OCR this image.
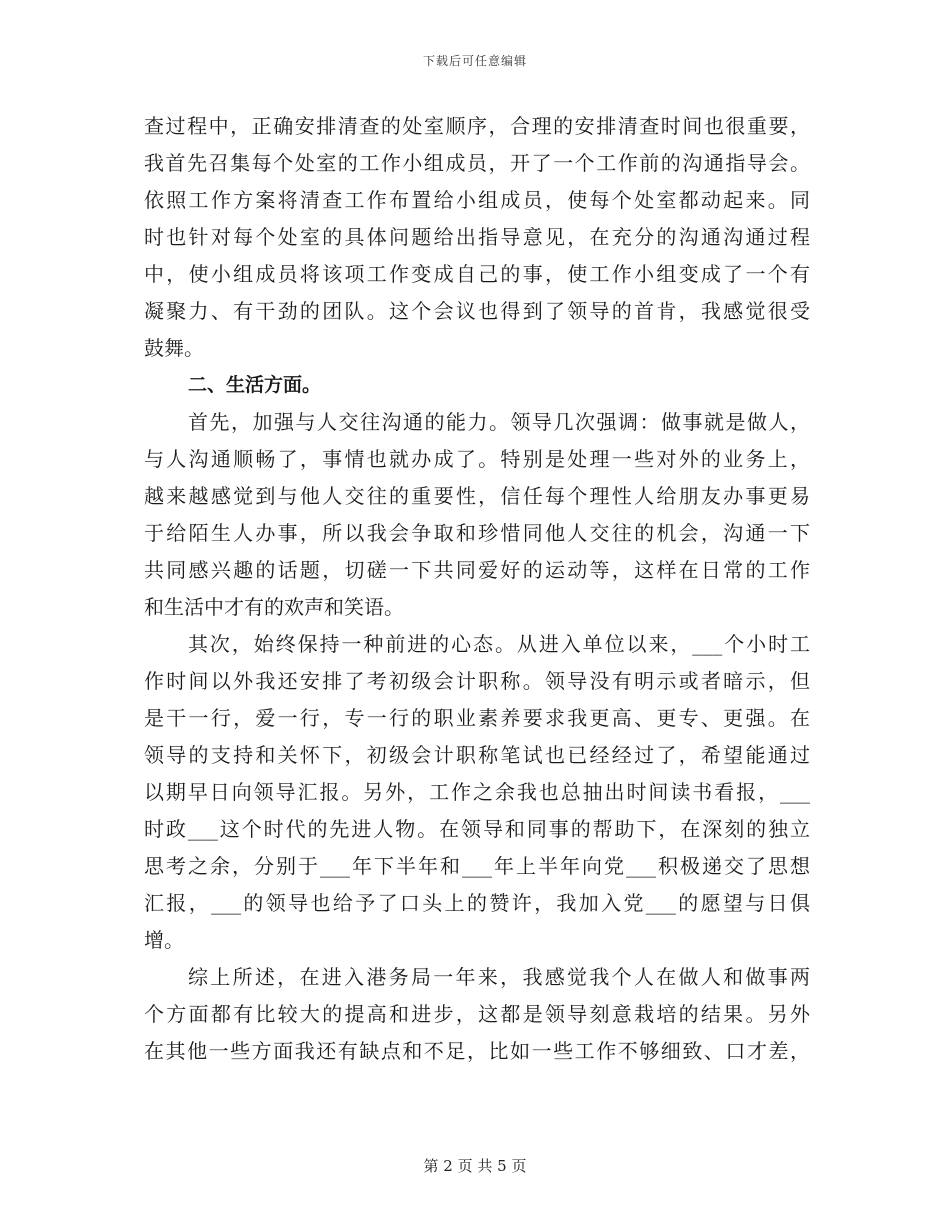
下载后可任意编辑
查过程中，正确安排清查的处室顺序，合理的安排清查时间也很重要，
我首先召集每个处室的工作小组成员，开了一个工作前的沟通指导会。
依照工作方案将清查工作布置给小组成员，使每个处室都动起来。同
时也针对每个处室的具体问题给出指导意见，在充分的沟通沟通过程
中，使小组成员将该项工作变成自己的事，使工作小组变成了一个有
凝聚力、有干劲的团队。这个会议也得到了领导的首肯，我感觉很受
鼓舞。
二、生活方面。
首先，加强与人交往沟通的能力。领导几次强调：做事就是做人，
与人沟通顺畅了，事情也就办成了。特别是处理一些对外的业务上，
越来越感觉到与他人交往的重要性，信任每个理性人给朋友办事更易
于给陌生人办事，所以我会争取和珍惜同他人交往的机会，沟通一下
共同感兴趣的话题，切磋一下共同爱好的运动等，这样在日常的工作
和生活中才有的欢声和笑语。
其次，始终保持一种前进的心态。从进入单位以来，___个小时工
作时间以外我还安排了考初级会计职称。领导没有明示或者暗示，但
是干一行，爱一行，专一行的职业素养要求我更高、更专、更强。在
领导的支持和关怀下，初级会计职称笔试也已经经过了，希望能通过
以期早日向领导汇报。另外，工作之余我也总抽出时间读书看报，___
时政___这个时代的先进人物。在领导和同事的帮助下，在深刻的独立
思考之余，分别于___年下半年和___年上半年向党___积极递交了思想
汇报，___的领导也给予了口头上的赞许，我加入党___的愿望与日俱
增。
综上所述，在进入港务局一年来，我感觉我个人在做人和做事两
个方面都有比较大的提高和进步，这都是领导刻意栽培的结果。另外
在其他一些方面我还有缺点和不足，比如一些工作不够细致、口才差，
第 2 页 共 5 页
